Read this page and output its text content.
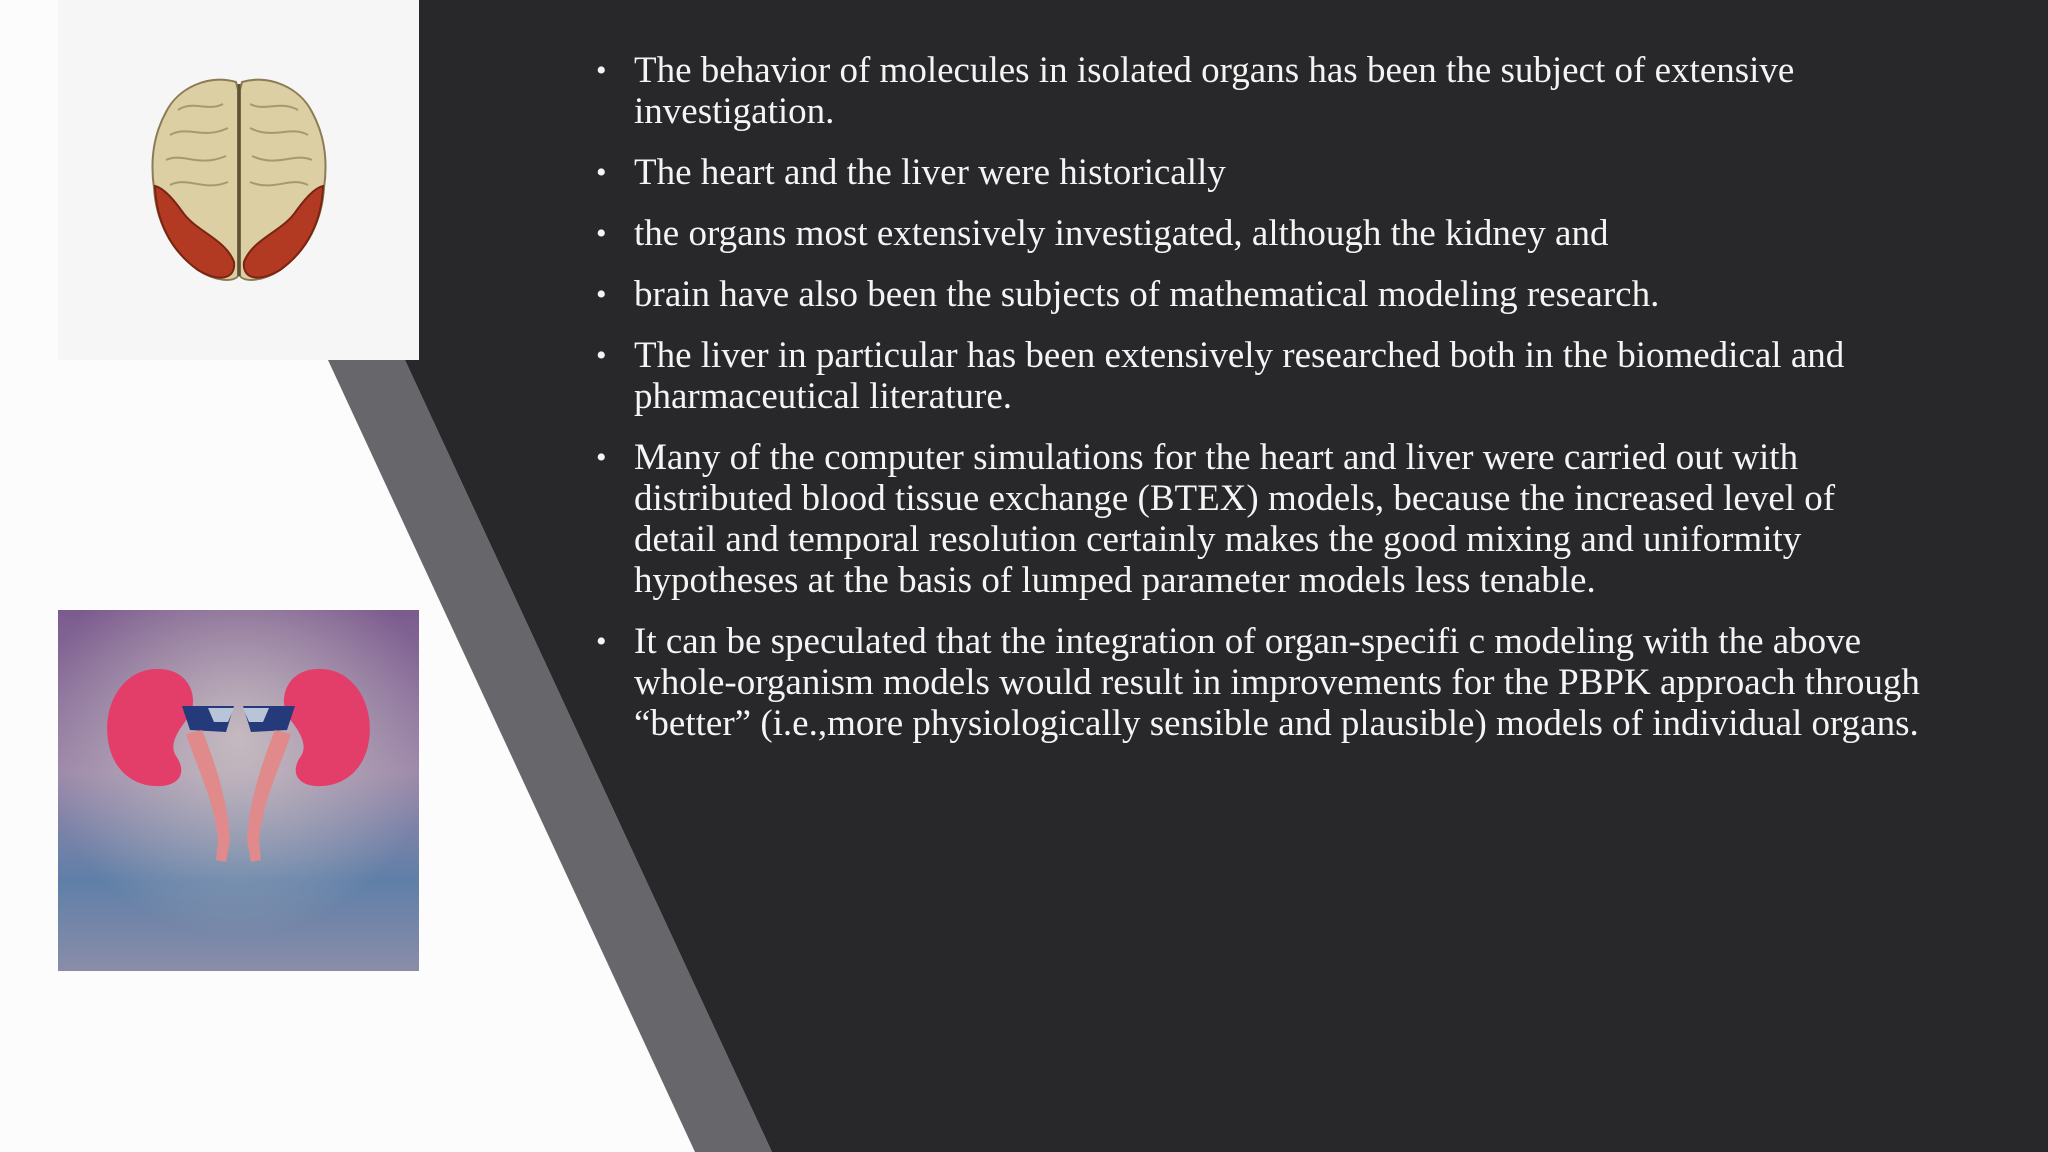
• The behavior of molecules in isolated organs has been the subject of extensive investigation.
• The heart and the liver were historically
• the organs most extensively investigated, although the kidney and
• brain have also been the subjects of mathematical modeling research.
• The liver in particular has been extensively researched both in the biomedical and pharmaceutical literature.
• Many of the computer simulations for the heart and liver were carried out with distributed blood tissue exchange (BTEX) models, because the increased level of detail and temporal resolution certainly makes the good mixing and uniformity hypotheses at the basis of lumped parameter models less tenable.
• It can be speculated that the integration of organ-specifi c modeling with the above whole-organism models would result in improvements for the PBPK approach through “better” (i.e.,more physiologically sensible and plausible) models of individual organs.
